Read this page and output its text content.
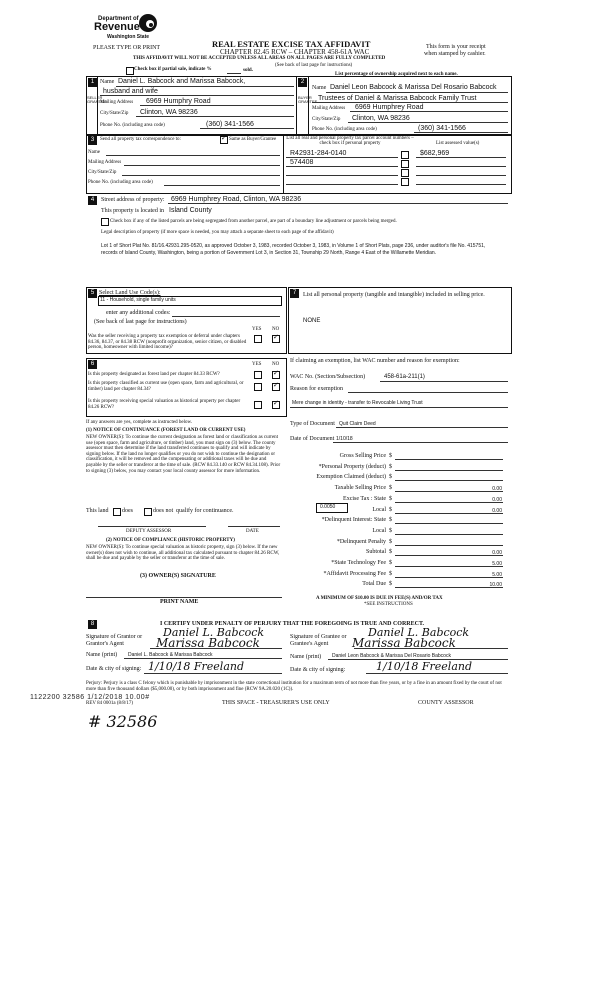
Department of
Revenue
Washington State
PLEASE TYPE OR PRINT	REAL ESTATE EXCISE TAX AFFIDAVIT
CHAPTER 82.45 RCW – CHAPTER 458-61A WAC
THIS AFFIDAVIT WILL NOT BE ACCEPTED UNLESS ALL AREAS ON ALL PAGES ARE FULLY COMPLETED
This form is your receipt
when stamped by cashier.
(See back of last page for instructions)
Check box if partial sale, indicate %	sold.
List percentage of ownership acquired next to each name.
1
SELLER GRANTOR
Name Daniel L. Babcock and Marissa Babcock,
husband and wife
Mailing Address 6969 Humphry Road
City/State/Zip Clinton, WA 98236
Phone No. (including area code)	(360) 341-1566
2
BUYER GRANTEE
Name Daniel Leon Babcock & Marissa Del Rosario Babcock
Trustees of Daniel & Marissa Babcock Family Trust
Mailing Address 6969 Humphrey Road
City/State/Zip Clinton, WA 98236
Phone No. (including area code)	(360) 341-1566
3	Send all property tax correspondence to:
✓	Same as Buyer/Grantee
Name
Mailing Address
City/State/Zip
Phone No. (including area code)
List all real and personal property tax parcel account numbers – check box if personal property	List assessed value(s)
R42931-284-0140	$682,969
574408
4	Street address of property: 6969 Humphrey Road, Clinton, WA 98236
This property is located in Island County
Check box if any of the listed parcels are being segregated from another parcel, are part of a boundary line adjustment or parcels being merged.
Legal description of property (if more space is needed, you may attach a separate sheet to each page of the affidavit)
Lot 1 of Short Plat No. 81/16.42931.295-0520, as approved October 3, 1983, recorded October 3, 1983, in Volume 1 of Short Plats, page 236, under auditor's file No. 415751, records of Island County, Washington, being a portion of Government Lot 3, in Section 31, Township 29 North, Range 4 East of the Willamette Meridian.
5 Select Land Use Code(s):
11 - Household, single family units
enter any additional codes:
(See back of last page for instructions)
YES NO
Was the seller receiving a property tax exemption or deferral under chapters 84.36, 84.37, or 84.38 RCW (nonprofit organization, senior citizen, or disabled person, homeowner with limited income)?
✓
6	YES NO
Is this property designated as forest land per chapter 84.33 RCW?
✓
Is this property classified as current use (open space, farm and agricultural, or timber) land per chapter 84.34?
✓
Is this property receiving special valuation as historical property per chapter 84.26 RCW?
✓
If any answers are yes, complete as instructed below.
(1) NOTICE OF CONTINUANCE (FOREST LAND OR CURRENT USE)
NEW OWNER(S): To continue the current designation as forest land or classification as current use (open space, farm and agriculture, or timber) land, you must sign on (3) below. The county assessor must then determine if the land transferred continues to qualify and will indicate by signing below. If the land no longer qualifies or you do not wish to continue the designation or classification, it will be removed and the compensating or additional taxes will be due and payable by the seller or transferor at the time of sale. (RCW 84.33.140 or RCW 84.34.108). Prior to signing (3) below, you may contact your local county assessor for more information.
This land does	does not qualify for continuance.
DEPUTY ASSESSOR	DATE
(2) NOTICE OF COMPLIANCE (HISTORIC PROPERTY)
NEW OWNER(S): To continue special valuation as historic property, sign (3) below. If the new owner(s) does not wish to continue, all additional tax calculated pursuant to chapter 84.26 RCW, shall be due and payable by the seller or transferor at the time of sale.
(3) OWNER(S) SIGNATURE
PRINT NAME
7	List all personal property (tangible and intangible) included in selling price.
NONE
If claiming an exemption, list WAC number and reason for exemption:
WAC No. (Section/Subsection)	458-61a-211(1)
Reason for exemption
Mere change in identity - transfer to Revocable Living Trust
Type of Document Quit Claim Deed
Date of Document 1/10/18
Gross Selling Price $
*Personal Property (deduct) $
Exemption Claimed (deduct) $
Taxable Selling Price $	0.00
Excise Tax : State $	0.00
Local $	0.00
*Delinquent Interest: State $
Local $
*Delinquent Penalty $
Subtotal $	0.00
*State Technology Fee $	5.00
*Affidavit Processing Fee $	5.00
Total Due $	10.00
0.0050
A MINIMUM OF $10.00 IS DUE IN FEE(S) AND/OR TAX
*SEE INSTRUCTIONS
8	I CERTIFY UNDER PENALTY OF PERJURY THAT THE FOREGOING IS TRUE AND CORRECT.
Signature of Grantor or Grantor's Agent
Daniel L. Babcock
Marissa Babcock	Signature of Grantee or Grantee's Agent
Daniel L. Babcock
Marissa Babcock
Name (print) Daniel L. Babcock & Marissa Babcock	Name (print) Daniel Leon Babcock & Marissa Del Rosario Babcock
Date & city of signing: 1/10/18 Freeland	Date & city of signing:	1/10/18 Freeland
Perjury: Perjury is a class C felony which is punishable by imprisonment in the state correctional institution for a maximum term of not more than five years, or by a fine in an amount fixed by the court of not more than five thousand dollars ($5,000.00), or by both imprisonment and fine (RCW 9A.20.020 (1C)).
1122200 32586 1/12/2018 10.00#
REV 84 0001a (8/8/17)	THIS SPACE - TREASURER'S USE ONLY	COUNTY ASSESSOR
# 32586
